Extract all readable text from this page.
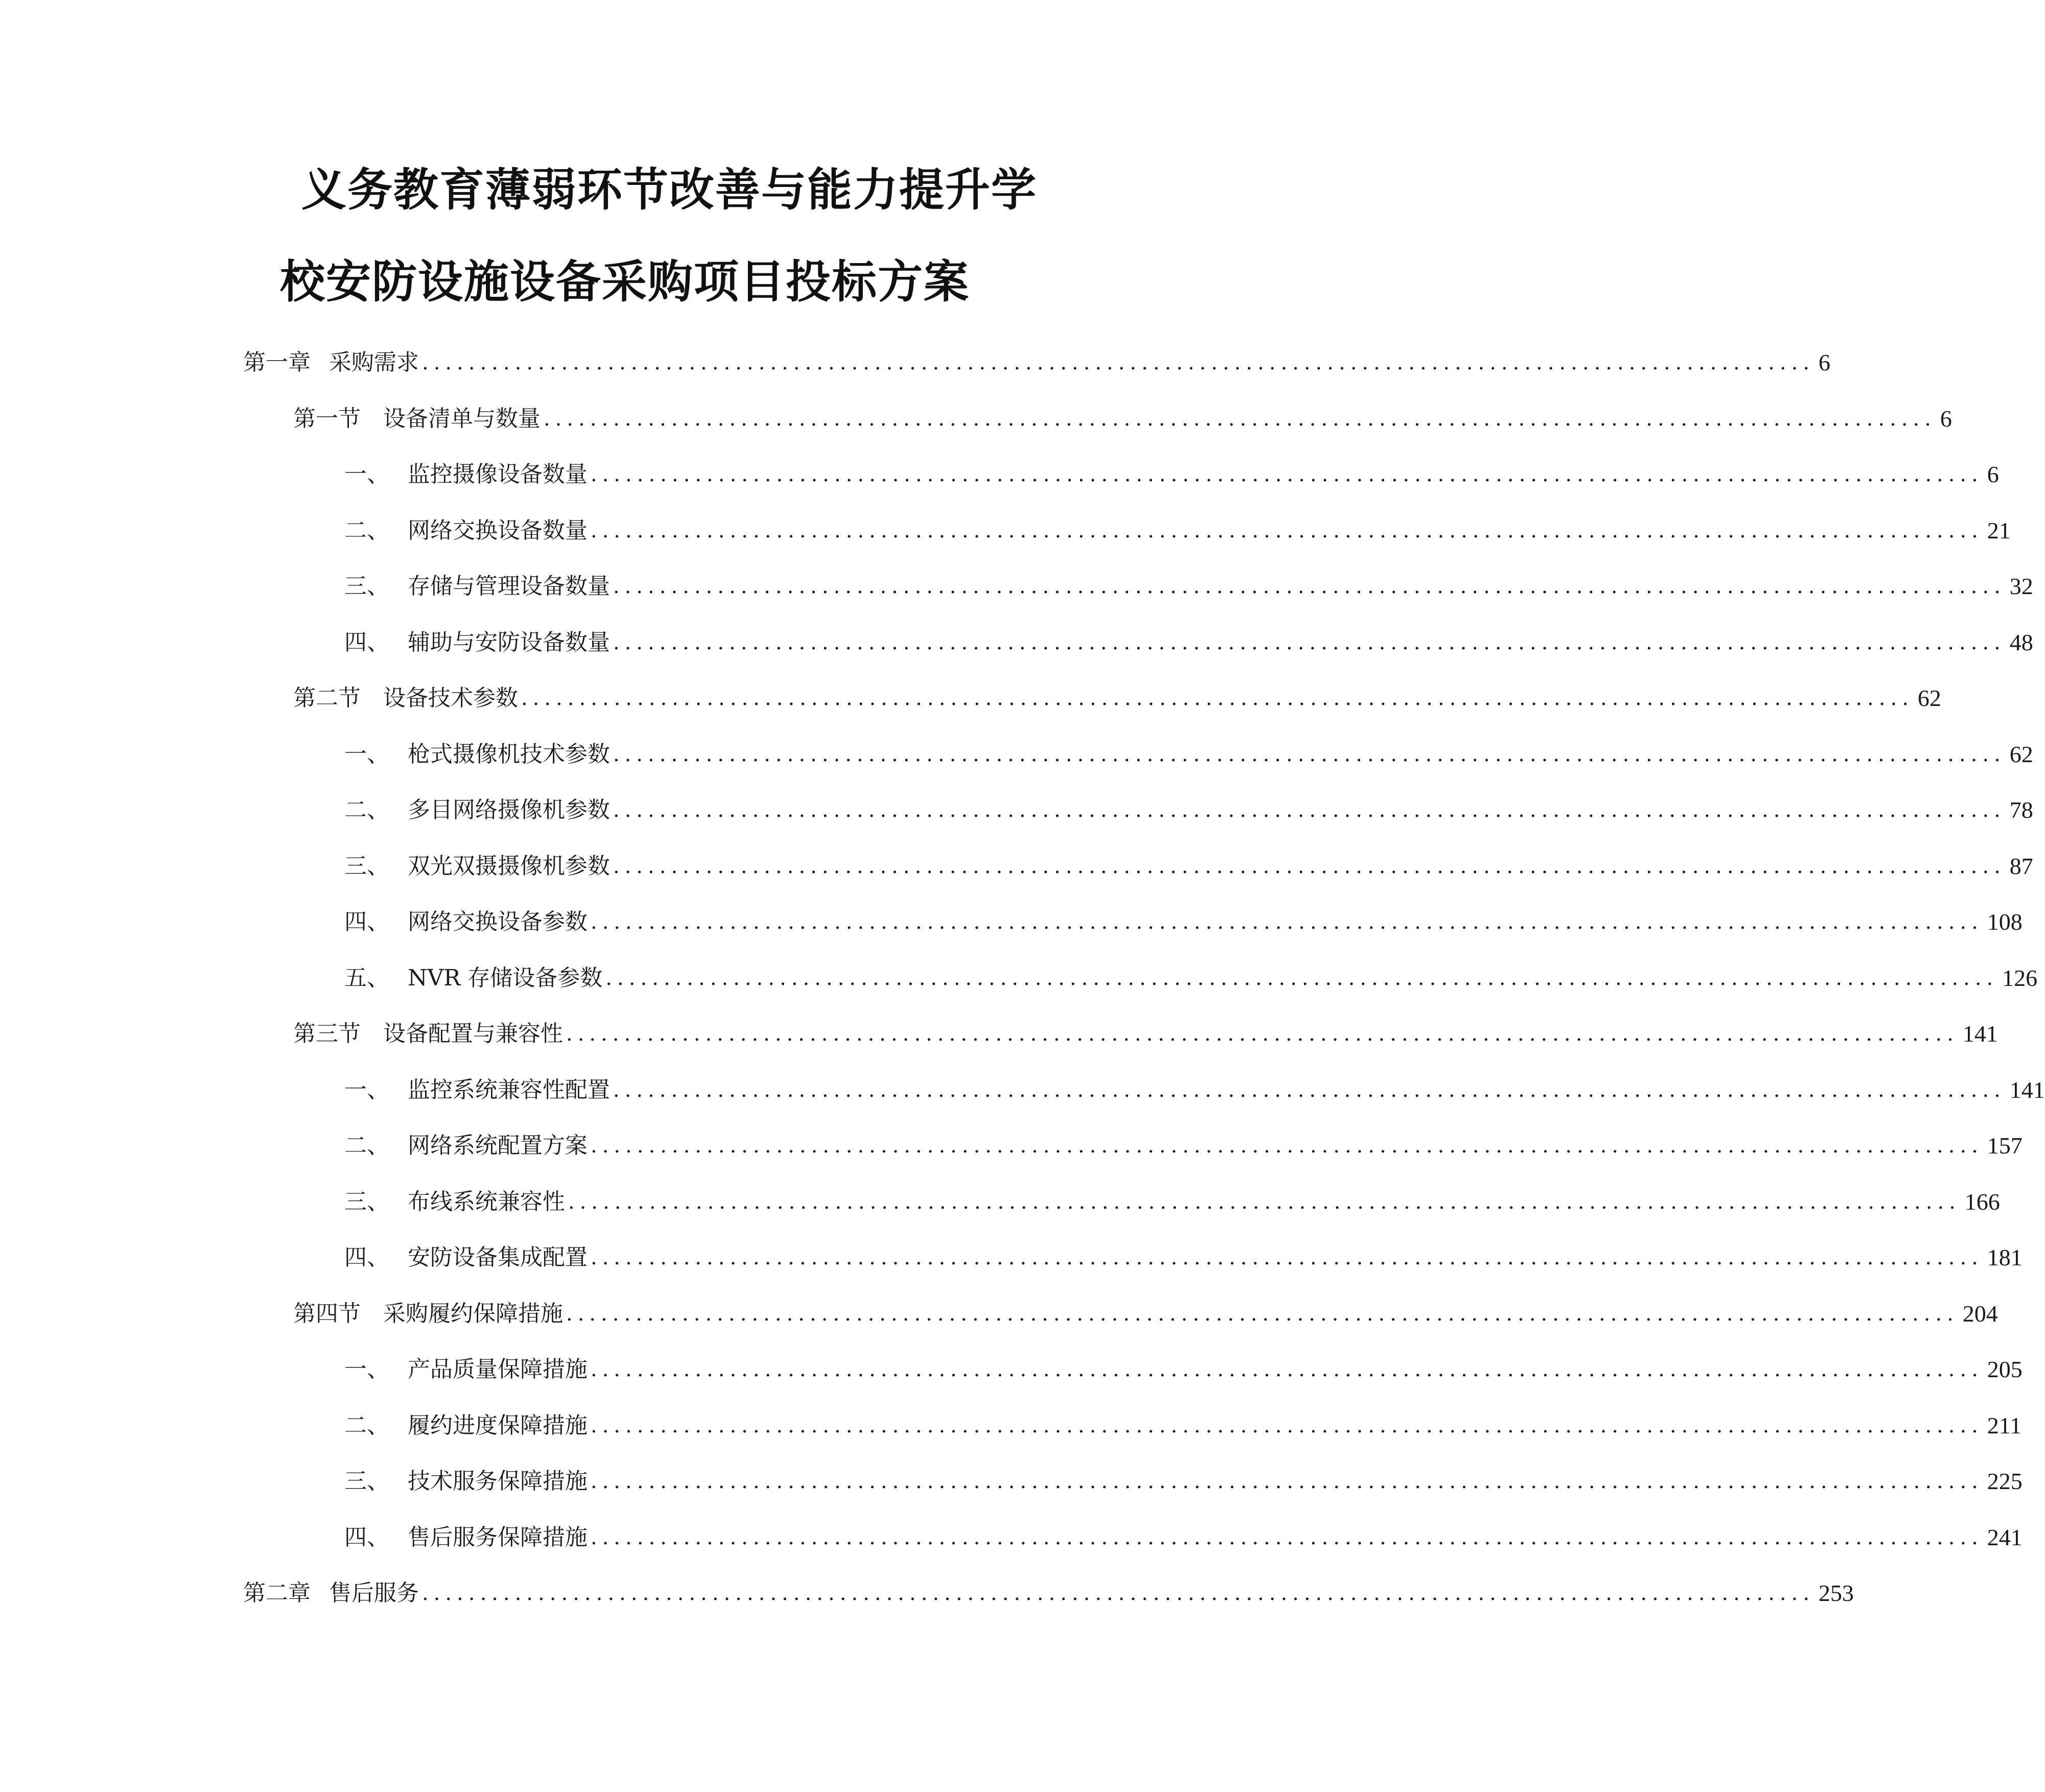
义务教育薄弱环节改善与能力提升学
校安防设施设备采购项目投标方案
第一章 采购需求 ........................................................................................................................ 6
第一节	设备清单与数量 ........................................................................................................................ 6
一、 监控摄像设备数量 ........................................................................................................................ 6
二、 网络交换设备数量 ........................................................................................................................ 21
三、 存储与管理设备数量 ........................................................................................................................ 32
四、 辅助与安防设备数量 ........................................................................................................................ 48
第二节	设备技术参数 ........................................................................................................................ 62
一、 枪式摄像机技术参数 ........................................................................................................................ 62
二、 多目网络摄像机参数 ........................................................................................................................ 78
三、 双光双摄摄像机参数 ........................................................................................................................ 87
四、 网络交换设备参数 ........................................................................................................................ 108
五、 NVR 存储设备参数 ........................................................................................................................ 126
第三节	设备配置与兼容性 ........................................................................................................................ 141
一、 监控系统兼容性配置 ........................................................................................................................ 141
二、 网络系统配置方案 ........................................................................................................................ 157
三、 布线系统兼容性 ........................................................................................................................ 166
四、 安防设备集成配置 ........................................................................................................................ 181
第四节	采购履约保障措施 ........................................................................................................................ 204
一、 产品质量保障措施 ........................................................................................................................ 205
二、 履约进度保障措施 ........................................................................................................................ 211
三、 技术服务保障措施 ........................................................................................................................ 225
四、 售后服务保障措施 ........................................................................................................................ 241
第二章 售后服务 ........................................................................................................................ 253
